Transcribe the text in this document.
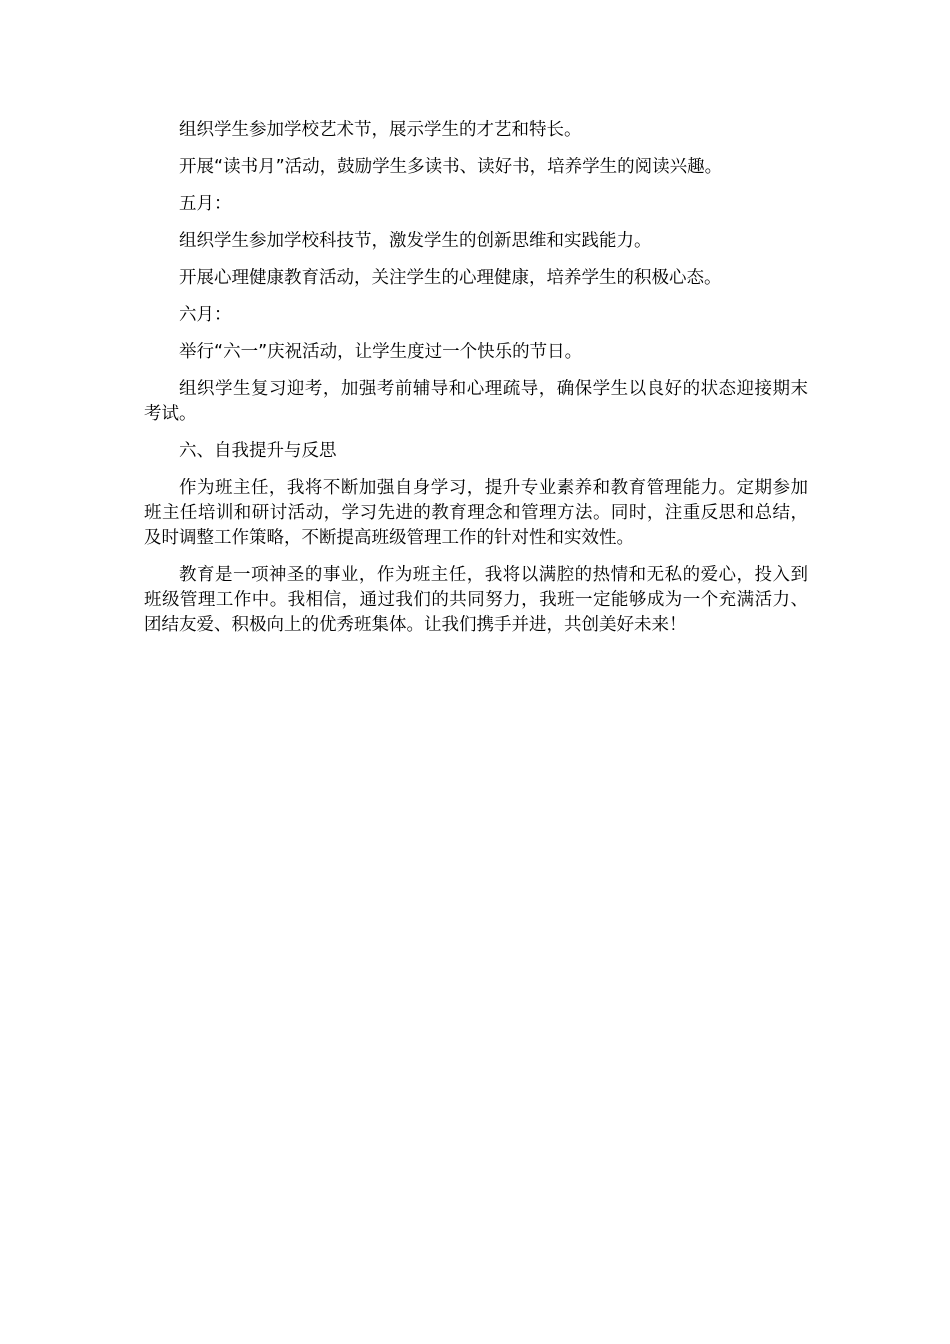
组织学生参加学校艺术节，展示学生的才艺和特长。

开展“读书月”活动，鼓励学生多读书、读好书，培养学生的阅读兴趣。

五月：

组织学生参加学校科技节，激发学生的创新思维和实践能力。

开展心理健康教育活动，关注学生的心理健康，培养学生的积极心态。

六月：

举行“六一”庆祝活动，让学生度过一个快乐的节日。

组织学生复习迎考，加强考前辅导和心理疏导，确保学生以良好的状态迎接期末考试。

六、自我提升与反思

作为班主任，我将不断加强自身学习，提升专业素养和教育管理能力。定期参加班主任培训和研讨活动，学习先进的教育理念和管理方法。同时，注重反思和总结，及时调整工作策略，不断提高班级管理工作的针对性和实效性。

教育是一项神圣的事业，作为班主任，我将以满腔的热情和无私的爱心，投入到班级管理工作中。我相信，通过我们的共同努力，我班一定能够成为一个充满活力、团结友爱、积极向上的优秀班集体。让我们携手并进，共创美好未来！
